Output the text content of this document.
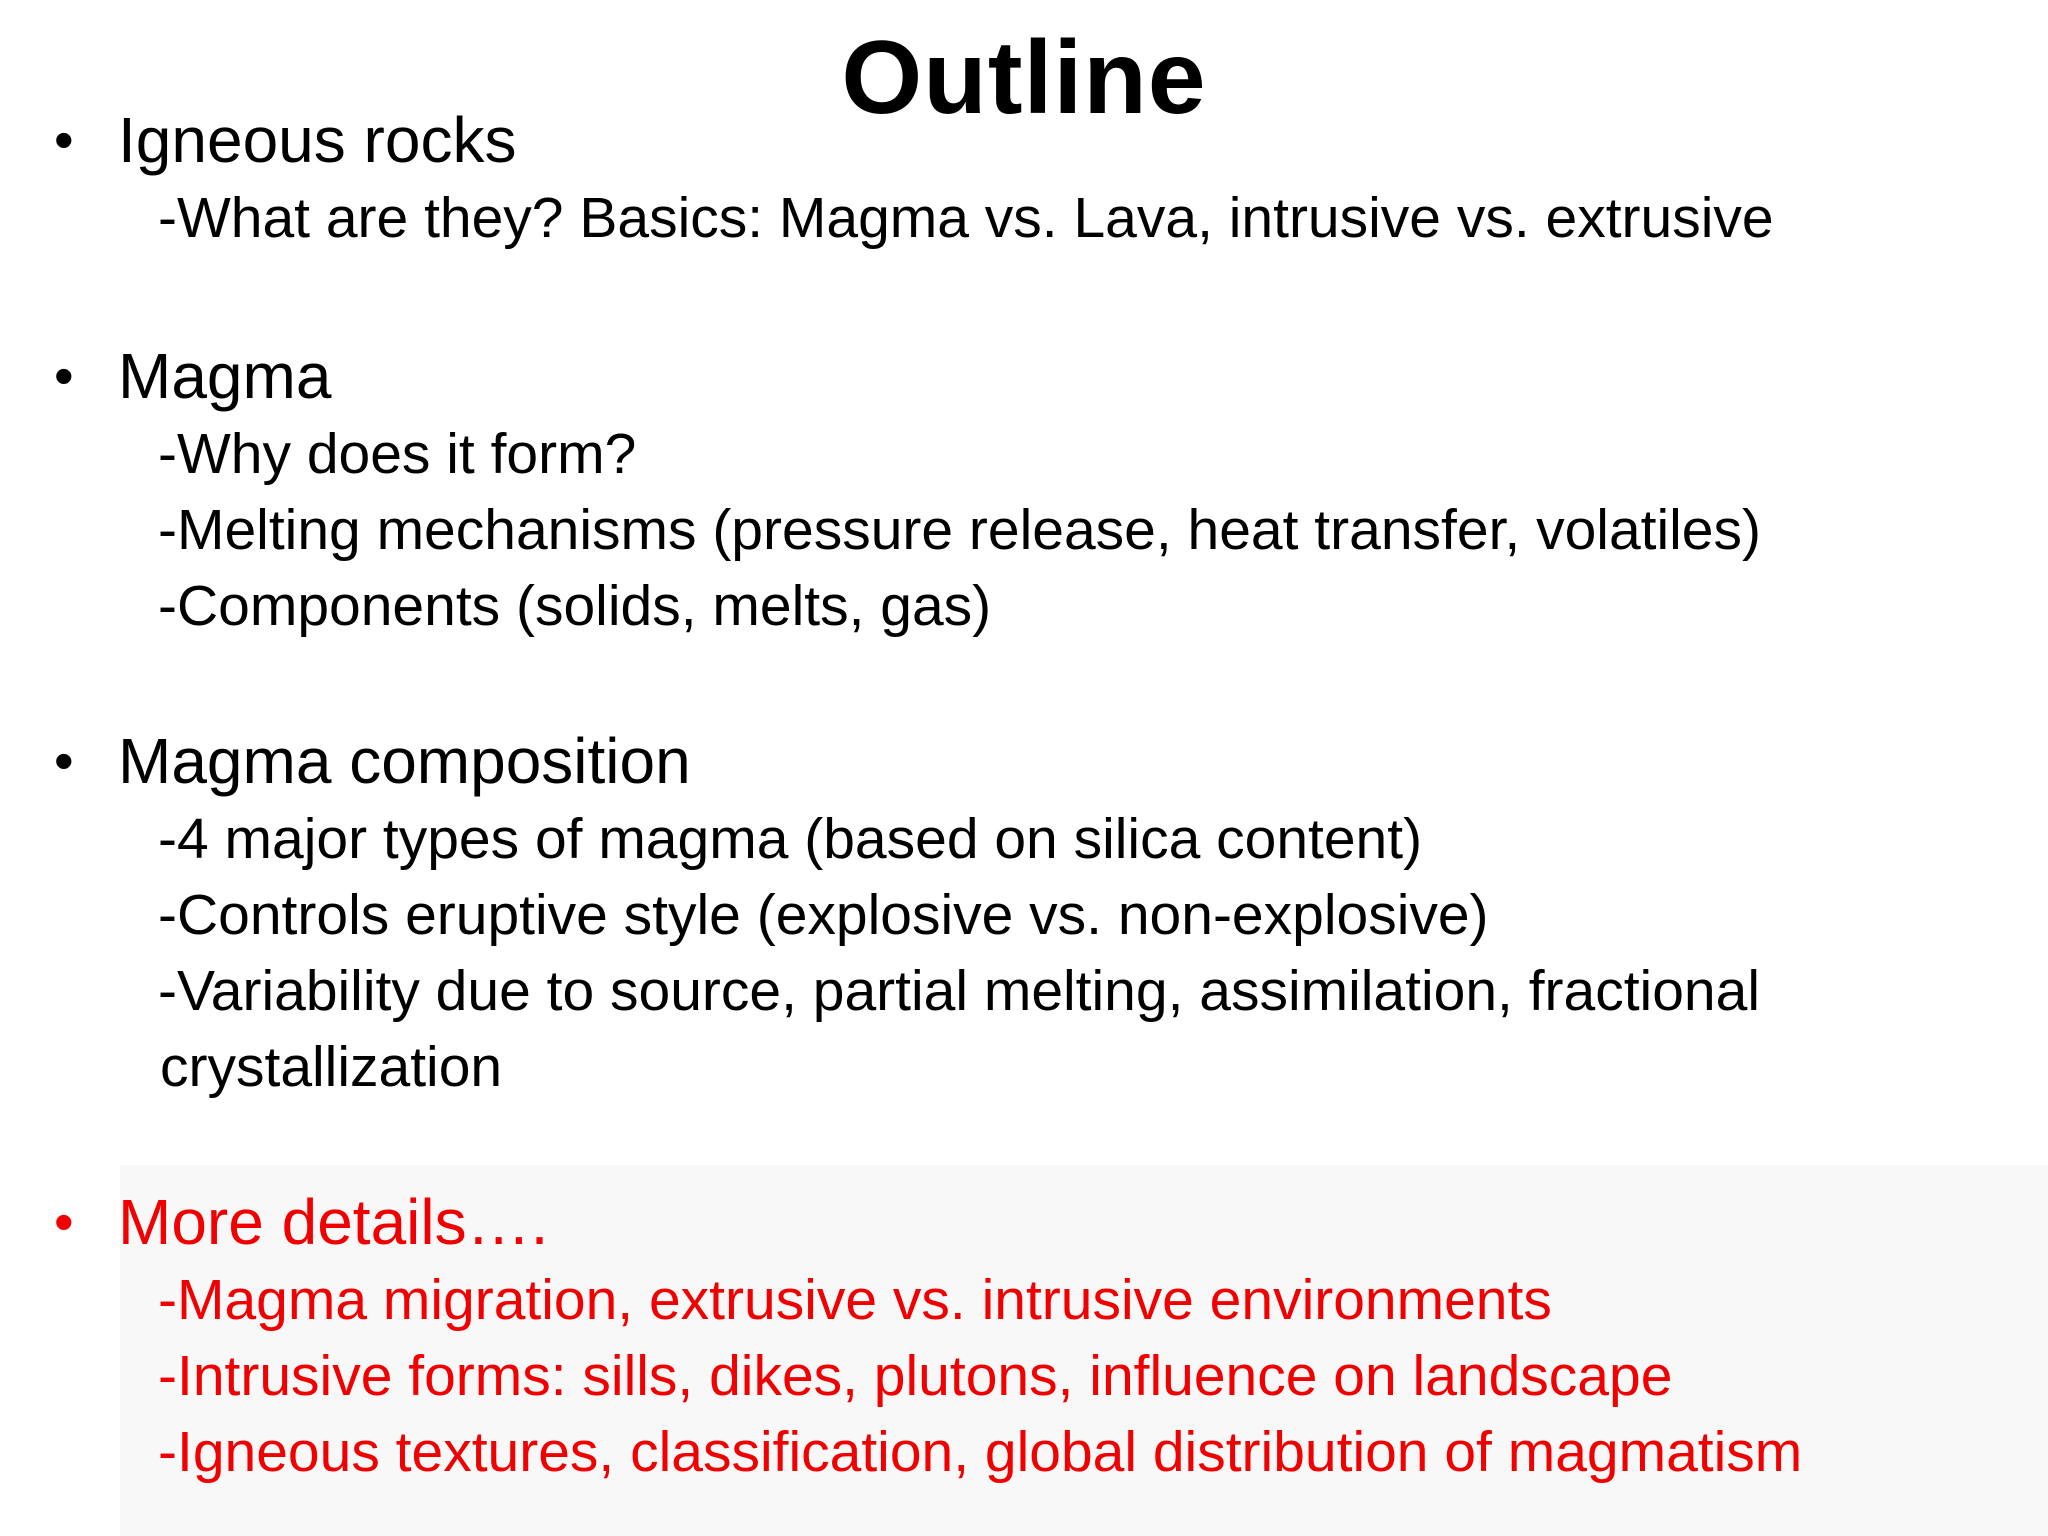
Outline
• Igneous rocks
-What are they? Basics: Magma vs. Lava, intrusive vs. extrusive
• Magma
-Why does it form?
-Melting mechanisms (pressure release, heat transfer, volatiles)
-Components (solids, melts, gas)
• Magma composition
-4 major types of magma (based on silica content)
-Controls eruptive style (explosive vs. non-explosive)
-Variability due to source, partial melting, assimilation, fractional
crystallization
• More details….
-Magma migration, extrusive vs. intrusive environments
-Intrusive forms: sills, dikes, plutons, influence on landscape
-Igneous textures, classification, global distribution of magmatism
